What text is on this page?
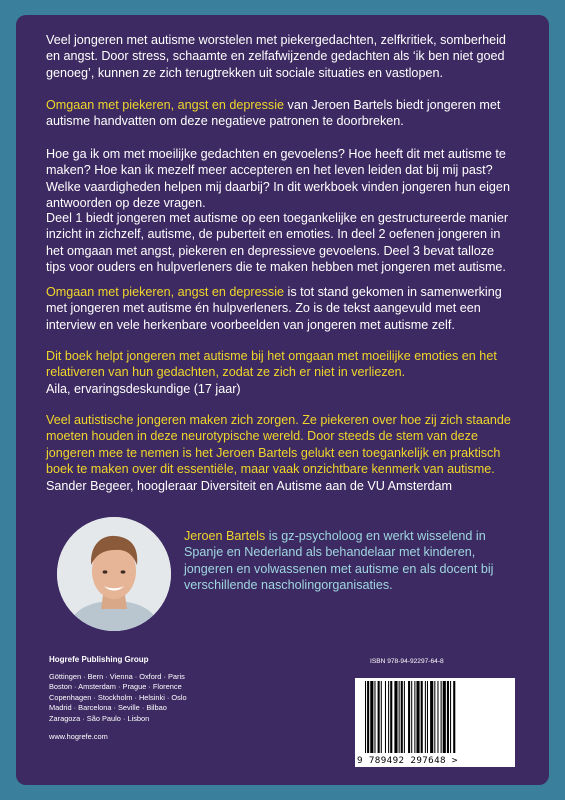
Veel jongeren met autisme worstelen met piekergedachten, zelfkritiek, somberheid en angst. Door stress, schaamte en zelfafwijzende gedachten als ‘ik ben niet goed genoeg’, kunnen ze zich terugtrekken uit sociale situaties en vastlopen.

Omgaan met piekeren, angst en depressie van Jeroen Bartels biedt jongeren met autisme handvatten om deze negatieve patronen te doorbreken.

Hoe ga ik om met moeilijke gedachten en gevoelens? Hoe heeft dit met autisme te maken? Hoe kan ik mezelf meer accepteren en het leven leiden dat bij mij past? Welke vaardigheden helpen mij daarbij? In dit werkboek vinden jongeren hun eigen antwoorden op deze vragen.

Deel 1 biedt jongeren met autisme op een toegankelijke en gestructureerde manier inzicht in zichzelf, autisme, de puberteit en emoties. In deel 2 oefenen jongeren in het omgaan met angst, piekeren en depressieve gevoelens. Deel 3 bevat talloze tips voor ouders en hulpverleners die te maken hebben met jongeren met autisme.

Omgaan met piekeren, angst en depressie is tot stand gekomen in samenwerking met jongeren met autisme én hulpverleners. Zo is de tekst aangevuld met een interview en vele herkenbare voorbeelden van jongeren met autisme zelf.

Dit boek helpt jongeren met autisme bij het omgaan met moeilijke emoties en het relativeren van hun gedachten, zodat ze zich er niet in verliezen.

Aila, ervaringsdeskundige (17 jaar)

Veel autistische jongeren maken zich zorgen. Ze piekeren over hoe zij zich staande moeten houden in deze neurotypische wereld. Door steeds de stem van deze jongeren mee te nemen is het Jeroen Bartels gelukt een toegankelijk en praktisch boek te maken over dit essentiële, maar vaak onzichtbare kenmerk van autisme.

Sander Begeer, hoogleraar Diversiteit en Autisme aan de VU Amsterdam

Jeroen Bartels is gz-psycholoog en werkt wisselend in Spanje en Nederland als behandelaar met kinderen, jongeren en volwassenen met autisme en als docent bij verschillende nascholingorganisaties.

Hogrefe Publishing Group
Göttingen · Bern · Vienna · Oxford · Paris
Boston · Amsterdam · Prague · Florence
Copenhagen · Stockholm · Helsinki · Oslo
Madrid · Barcelona · Seville · Bilbao
Zaragoza · São Paulo · Lisbon
www.hogrefe.com
ISBN 978-94-92297-64-8
9 789492 297648 >
